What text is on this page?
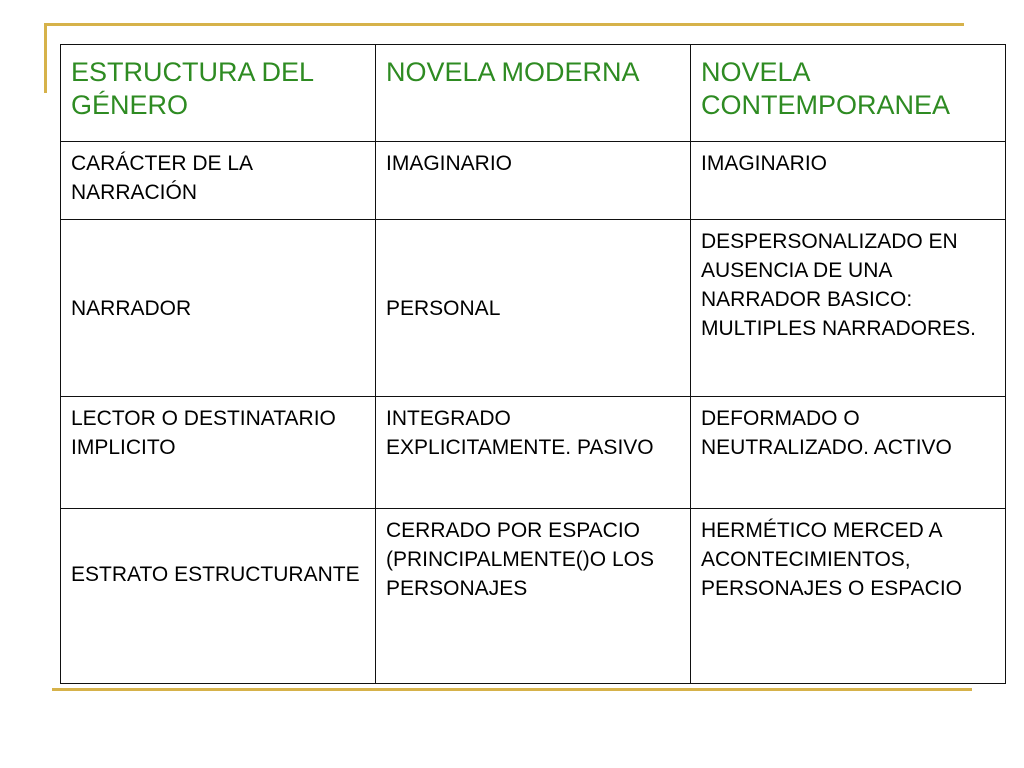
ESTRUCTURA DEL GÉNERO	NOVELA MODERNA	NOVELA CONTEMPORANEA
CARÁCTER DE LA NARRACIÓN	IMAGINARIO	IMAGINARIO
NARRADOR	PERSONAL	DESPERSONALIZADO EN AUSENCIA DE UNA NARRADOR BASICO: MULTIPLES NARRADORES.
LECTOR O DESTINATARIO IMPLICITO	INTEGRADO EXPLICITAMENTE. PASIVO	DEFORMADO O NEUTRALIZADO. ACTIVO
ESTRATO ESTRUCTURANTE	CERRADO POR ESPACIO (PRINCIPALMENTE()O LOS PERSONAJES	HERMÉTICO MERCED A ACONTECIMIENTOS, PERSONAJES O ESPACIO
